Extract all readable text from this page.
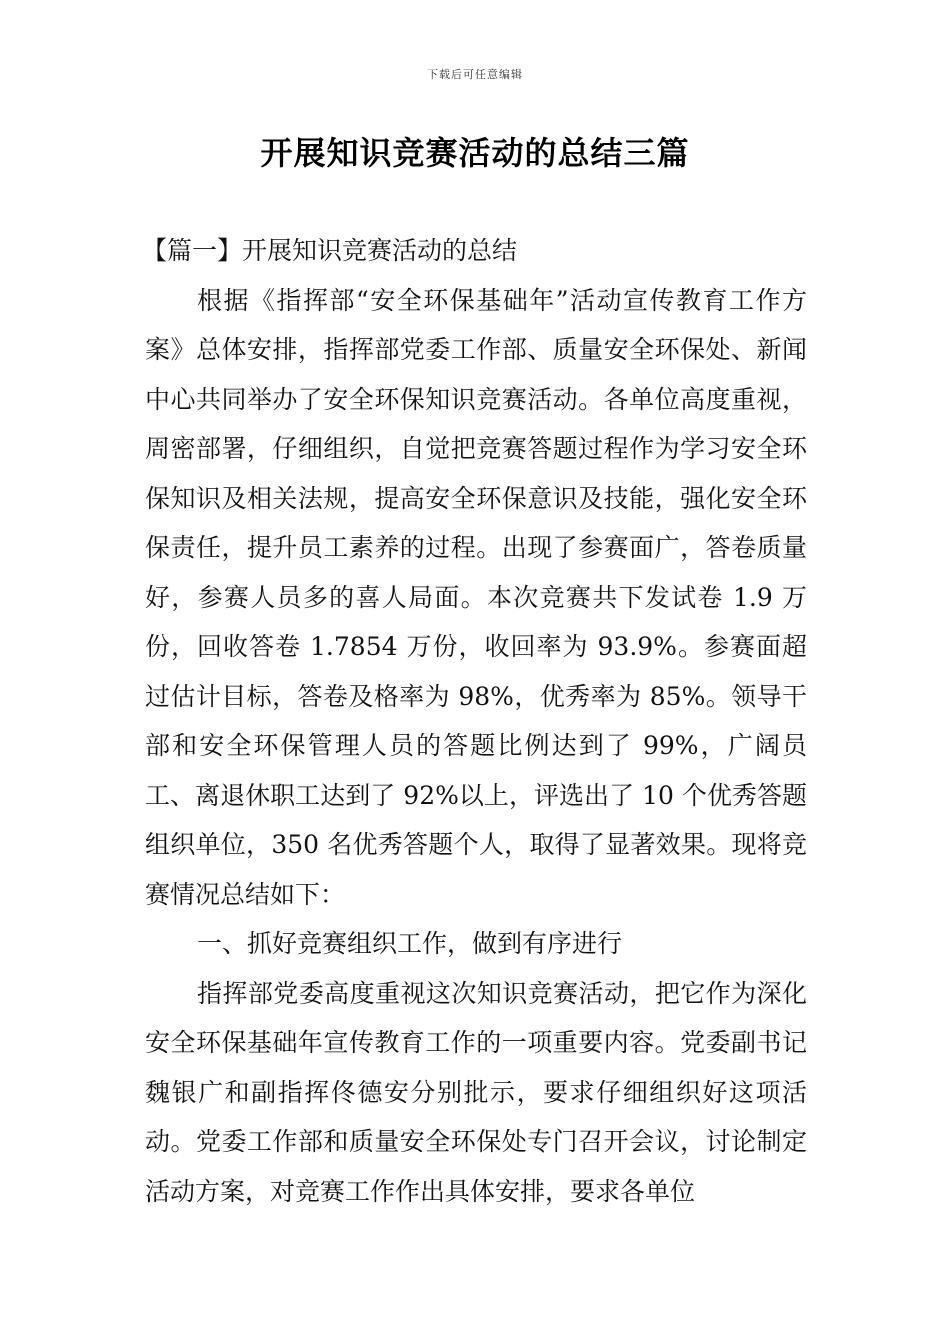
下载后可任意编辑
开展知识竞赛活动的总结三篇

【篇一】开展知识竞赛活动的总结

根据《指挥部“安全环保基础年”活动宣传教育工作方案》总体安排，指挥部党委工作部、质量安全环保处、新闻中心共同举办了安全环保知识竞赛活动。各单位高度重视，周密部署，仔细组织，自觉把竞赛答题过程作为学习安全环保知识及相关法规，提高安全环保意识及技能，强化安全环保责任，提升员工素养的过程。出现了参赛面广，答卷质量好，参赛人员多的喜人局面。本次竞赛共下发试卷 1.9 万份，回收答卷 1.7854 万份，收回率为 93.9%。参赛面超过估计目标，答卷及格率为 98%，优秀率为 85%。领导干部和安全环保管理人员的答题比例达到了 99%，广阔员工、离退休职工达到了 92%以上，评选出了 10 个优秀答题组织单位，350 名优秀答题个人，取得了显著效果。现将竞赛情况总结如下：

一、抓好竞赛组织工作，做到有序进行

指挥部党委高度重视这次知识竞赛活动，把它作为深化安全环保基础年宣传教育工作的一项重要内容。党委副书记魏银广和副指挥佟德安分别批示，要求仔细组织好这项活动。党委工作部和质量安全环保处专门召开会议，讨论制定活动方案，对竞赛工作作出具体安排，要求各单位
